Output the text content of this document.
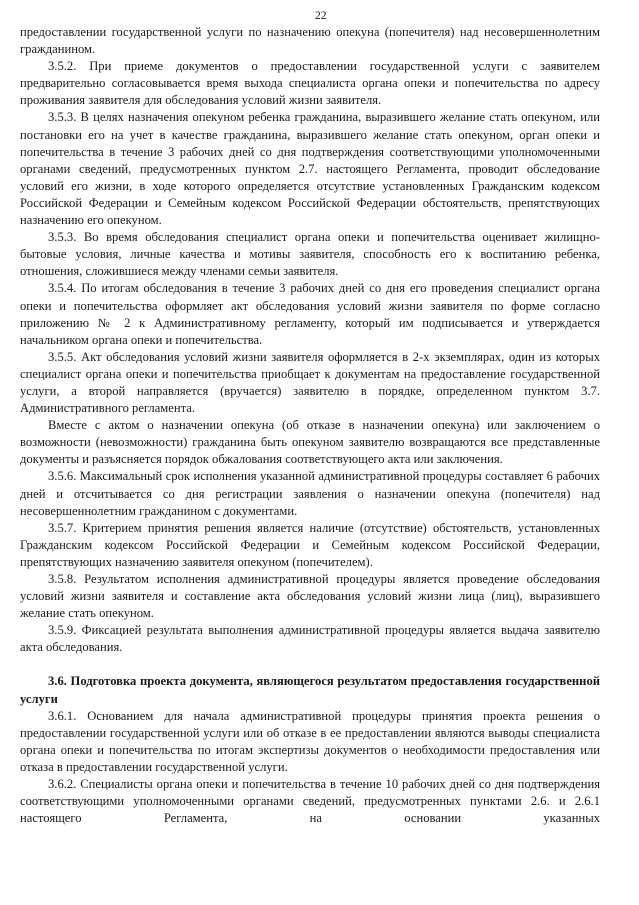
22

предоставлении государственной услуги по назначению опекуна (попечителя) над несовершеннолетним гражданином.

3.5.2. При приеме документов о предоставлении государственной услуги с заявителем предварительно согласовывается время выхода специалиста органа опеки и попечительства по адресу проживания заявителя для обследования условий жизни заявителя.

3.5.3. В целях назначения опекуном ребенка гражданина, выразившего желание стать опекуном, или постановки его на учет в качестве гражданина, выразившего желание стать опекуном, орган опеки и попечительства в течение 3 рабочих дней со дня подтверждения соответствующими уполномоченными органами сведений, предусмотренных пунктом 2.7. настоящего Регламента, проводит обследование условий его жизни, в ходе которого определяется отсутствие установленных Гражданским кодексом Российской Федерации и Семейным кодексом Российской Федерации обстоятельств, препятствующих назначению его опекуном.

3.5.3. Во время обследования специалист органа опеки и попечительства оценивает жилищно-бытовые условия, личные качества и мотивы заявителя, способность его к воспитанию ребенка, отношения, сложившиеся между членами семьи заявителя.

3.5.4. По итогам обследования в течение 3 рабочих дней со дня его проведения специалист органа опеки и попечительства оформляет акт обследования условий жизни заявителя по форме согласно приложению № 2 к Административному регламенту, который им подписывается и утверждается начальником органа опеки и попечительства.

3.5.5. Акт обследования условий жизни заявителя оформляется в 2-х экземплярах, один из которых специалист органа опеки и попечительства приобщает к документам на предоставление государственной услуги, а второй направляется (вручается) заявителю в порядке, определенном пунктом 3.7. Административного регламента.

Вместе с актом о назначении опекуна (об отказе в назначении опекуна) или заключением о возможности (невозможности) гражданина быть опекуном заявителю возвращаются все представленные документы и разъясняется порядок обжалования соответствующего акта или заключения.

3.5.6. Максимальный срок исполнения указанной административной процедуры составляет 6 рабочих дней и отсчитывается со дня регистрации заявления о назначении опекуна (попечителя) над несовершеннолетним гражданином с документами.

3.5.7. Критерием принятия решения является наличие (отсутствие) обстоятельств, установленных Гражданским кодексом Российской Федерации и Семейным кодексом Российской Федерации, препятствующих назначению заявителя опекуном (попечителем).

3.5.8. Результатом исполнения административной процедуры является проведение обследования условий жизни заявителя и составление акта обследования условий жизни лица (лиц), выразившего желание стать опекуном.

3.5.9. Фиксацией результата выполнения административной процедуры является выдача заявителю акта обследования.

3.6. Подготовка проекта документа, являющегося результатом предоставления государственной услуги

3.6.1. Основанием для начала административной процедуры принятия проекта решения о предоставлении государственной услуги или об отказе в ее предоставлении являются выводы специалиста органа опеки и попечительства по итогам экспертизы документов о необходимости предоставления или отказа в предоставлении государственной услуги.

3.6.2. Специалисты органа опеки и попечительства в течение 10 рабочих дней со дня подтверждения соответствующими уполномоченными органами сведений, предусмотренных пунктами 2.6. и 2.6.1 настоящего Регламента, на основании указанных
